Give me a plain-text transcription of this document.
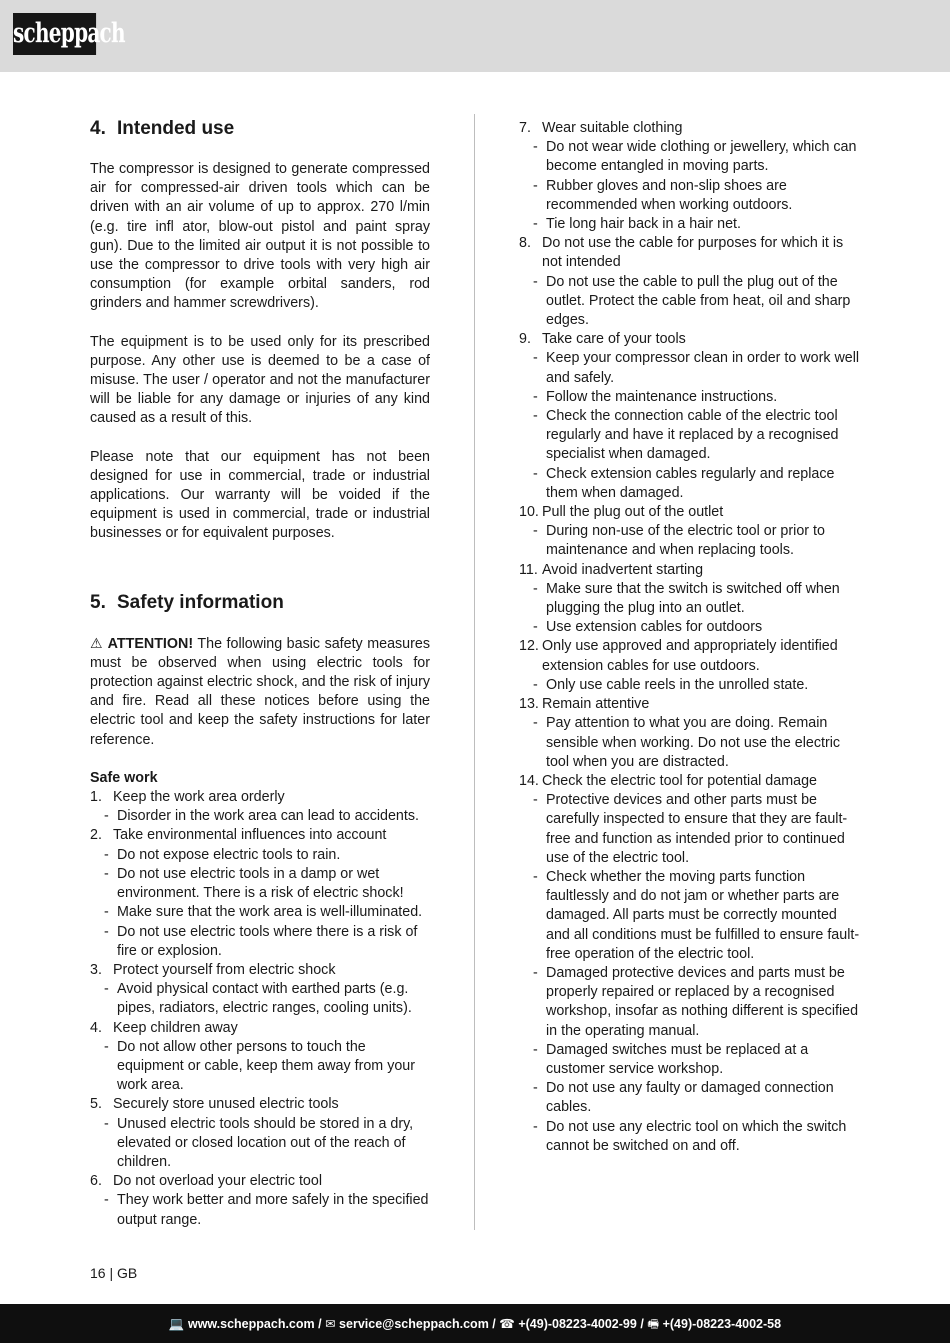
scheppach
4. Intended use

The compressor is designed to generate compressed air for compressed-air driven tools which can be driven with an air volume of up to approx. 270 l/min (e.g. tire infl ator, blow-out pistol and paint spray gun). Due to the limited air output it is not possible to use the compressor to drive tools with very high air consumption (for example orbital sanders, rod grinders and hammer screwdrivers).

The equipment is to be used only for its prescribed purpose. Any other use is deemed to be a case of misuse. The user / operator and not the manufacturer will be liable for any damage or injuries of any kind caused as a result of this.

Please note that our equipment has not been designed for use in commercial, trade or industrial applications. Our warranty will be voided if the equipment is used in commercial, trade or industrial businesses or for equivalent purposes.

5. Safety information

⚠ ATTENTION! The following basic safety measures must be observed when using electric tools for protection against electric shock, and the risk of injury and fire. Read all these notices before using the electric tool and keep the safety instructions for later reference.

Safe work
1. Keep the work area orderly
- Disorder in the work area can lead to accidents.
2. Take environmental influences into account
- Do not expose electric tools to rain.
- Do not use electric tools in a damp or wet environment. There is a risk of electric shock!
- Make sure that the work area is well-illuminated.
- Do not use electric tools where there is a risk of fire or explosion.
3. Protect yourself from electric shock
- Avoid physical contact with earthed parts (e.g. pipes, radiators, electric ranges, cooling units).
4. Keep children away
- Do not allow other persons to touch the equipment or cable, keep them away from your work area.
5. Securely store unused electric tools
- Unused electric tools should be stored in a dry, elevated or closed location out of the reach of children.
6. Do not overload your electric tool
- They work better and more safely in the specified output range.
7. Wear suitable clothing
- Do not wear wide clothing or jewellery, which can become entangled in moving parts.
- Rubber gloves and non-slip shoes are recommended when working outdoors.
- Tie long hair back in a hair net.
8. Do not use the cable for purposes for which it is not intended
- Do not use the cable to pull the plug out of the outlet. Protect the cable from heat, oil and sharp edges.
9. Take care of your tools
- Keep your compressor clean in order to work well and safely.
- Follow the maintenance instructions.
- Check the connection cable of the electric tool regularly and have it replaced by a recognised specialist when damaged.
- Check extension cables regularly and replace them when damaged.
10. Pull the plug out of the outlet
- During non-use of the electric tool or prior to maintenance and when replacing tools.
11. Avoid inadvertent starting
- Make sure that the switch is switched off when plugging the plug into an outlet.
- Use extension cables for outdoors
12. Only use approved and appropriately identified extension cables for use outdoors.
- Only use cable reels in the unrolled state.
13. Remain attentive
- Pay attention to what you are doing. Remain sensible when working. Do not use the electric tool when you are distracted.
14. Check the electric tool for potential damage
- Protective devices and other parts must be carefully inspected to ensure that they are fault-free and function as intended prior to continued use of the electric tool.
- Check whether the moving parts function faultlessly and do not jam or whether parts are damaged. All parts must be correctly mounted and all conditions must be fulfilled to ensure fault-free operation of the electric tool.
- Damaged protective devices and parts must be properly repaired or replaced by a recognised workshop, insofar as nothing different is specified in the operating manual.
- Damaged switches must be replaced at a customer service workshop.
- Do not use any faulty or damaged connection cables.
- Do not use any electric tool on which the switch cannot be switched on and off.
16 | GB
💻 www.scheppach.com / ✉ service@scheppach.com / ☎ +(49)-08223-4002-99 / 🖷 +(49)-08223-4002-58
